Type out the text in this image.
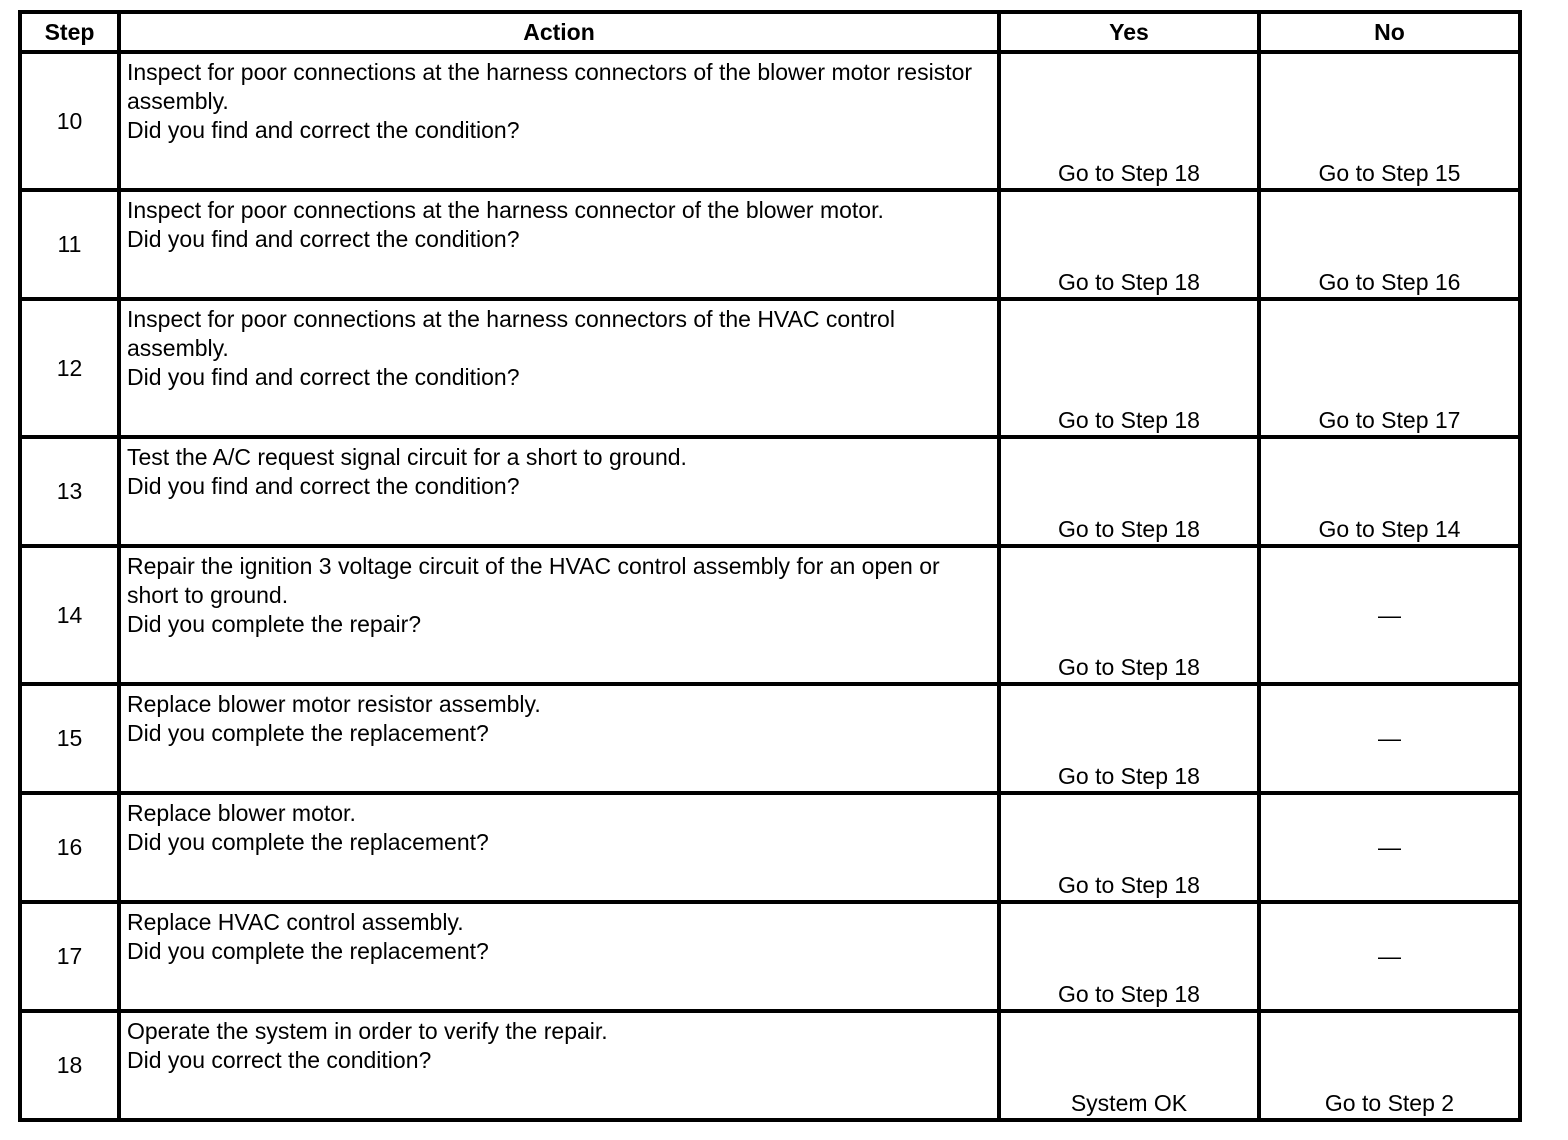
Step	Action	Yes	No
10	Inspect for poor connections at the harness connectors of the blower motor resistor assembly.
Did you find and correct the condition?	Go to Step 18	Go to Step 15
11	Inspect for poor connections at the harness connector of the blower motor.
Did you find and correct the condition?	Go to Step 18	Go to Step 16
12	Inspect for poor connections at the harness connectors of the HVAC control assembly.
Did you find and correct the condition?	Go to Step 18	Go to Step 17
13	Test the A/C request signal circuit for a short to ground.
Did you find and correct the condition?	Go to Step 18	Go to Step 14
14	Repair the ignition 3 voltage circuit of the HVAC control assembly for an open or short to ground.
Did you complete the repair?	Go to Step 18	—
15	Replace blower motor resistor assembly.
Did you complete the replacement?	Go to Step 18	—
16	Replace blower motor.
Did you complete the replacement?	Go to Step 18	—
17	Replace HVAC control assembly.
Did you complete the replacement?	Go to Step 18	—
18	Operate the system in order to verify the repair.
Did you correct the condition?	System OK	Go to Step 2
